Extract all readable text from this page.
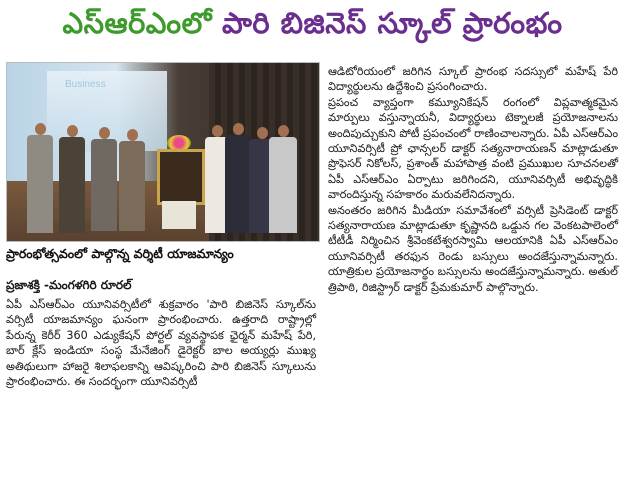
ఎస్‌ఆర్‌ఎంలో పారి బిజినెస్ స్కూల్ ప్రారంభం
Business
ప్రారంభోత్సవంలో పాల్గొన్న వర్శిటీ యాజమాన్యం
ప్రజాశక్తి -మంగళగిరి రూరల్

ఏపీ ఎస్‌ఆర్‌ఎం యూనివర్సిటీలో శుక్రవారం 'పారి బిజినెస్ స్కూల్‌ను వర్సిటీ యాజమాన్యం ఘనంగా ప్రారంభించారు. ఉత్తరాది రాష్ట్రాల్లో పేరున్న కెరీర్ 360 ఎడ్యుకేషన్ పోర్టల్ వ్యవస్థాపక ఛైర్మన్ మహేష్ పేరి, బార్ క్లేస్ ఇండియా సంస్థ మేనేజింగ్ డైరెక్టర్ బాల అయ్యర్లు ముఖ్య అతిథులుగా హాజరై శిలాఫలకాన్ని ఆవిష్కరించి పారి బిజినెస్ స్కూలును ప్రారంభించారు. ఈ సందర్భంగా యూనివర్సిటీ

ఆడిటోరియంలో జరిగిన స్కూల్ ప్రారంభ సదస్సులో మహేష్ పేరి విద్యార్థులను ఉద్దేశించి ప్రసంగించారు.

ప్రపంచ వ్యాప్తంగా కమ్యూనికేషన్ రంగంలో విప్లవాత్మకమైన మార్పులు వస్తున్నాయనీ, విద్యార్థులు టెక్నాలజీ ప్రయోజనాలను అందిపుచ్చుకుని పోటీ ప్రపంచంలో రాణించాలన్నారు. ఏపీ ఎస్‌ఆర్‌ఎం యూనివర్సిటీ ప్రో ఛాన్సలర్ డాక్టర్ సత్యనారాయణన్ మాట్లాడుతూ ప్రొఫెసర్ నికోలస్, ప్రశాంత్ మహాపాత్ర వంటి ప్రముఖుల సూచనలతో ఏపీ ఎస్‌ఆర్‌ఎం ఏర్పాటు జరిగిందని, యూనివర్సిటీ అభివృద్ధికి వారందిస్తున్న సహకారం మరువలేనిదన్నారు.

అనంతరం జరిగిన మీడియా సమావేశంలో వర్సిటీ ప్రెసిడెంట్ డాక్టర్ సత్యనారాయణ మాట్లాడుతూ కృష్ణానది ఒడ్డున గల వెంకటపాలెంలో టీటీడీ నిర్మించిన శ్రీవెంకటేశ్వరస్వామి ఆలయానికి ఏపీ ఎస్‌ఆర్‌ఎం యూనివర్సిటీ తరఫున రెండు బస్సులు అందజేస్తున్నామన్నారు. యాత్రికుల ప్రయోజనార్థం బస్సులను అందజేస్తున్నామన్నారు. అతుల్ త్రిపాఠి, రిజిస్ట్రార్ డాక్టర్ ప్రేమకుమార్ పాల్గొన్నారు.
